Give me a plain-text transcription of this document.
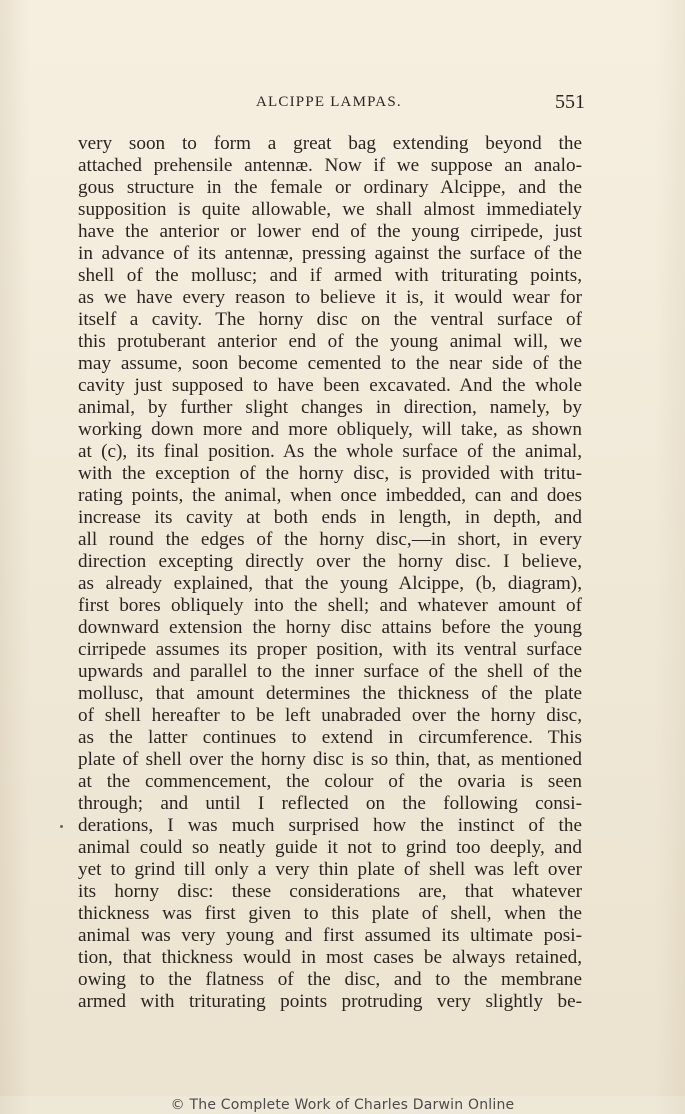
ALCIPPE LAMPAS.	551
very soon to form a great bag extending beyond the
attached prehensile antennæ. Now if we suppose an analo-
gous structure in the female or ordinary Alcippe, and the
supposition is quite allowable, we shall almost immediately
have the anterior or lower end of the young cirripede, just
in advance of its antennæ, pressing against the surface of the
shell of the mollusc; and if armed with triturating points,
as we have every reason to believe it is, it would wear for
itself a cavity. The horny disc on the ventral surface of
this protuberant anterior end of the young animal will, we
may assume, soon become cemented to the near side of the
cavity just supposed to have been excavated. And the whole
animal, by further slight changes in direction, namely, by
working down more and more obliquely, will take, as shown
at (c), its final position. As the whole surface of the animal,
with the exception of the horny disc, is provided with tritu-
rating points, the animal, when once imbedded, can and does
increase its cavity at both ends in length, in depth, and
all round the edges of the horny disc,—in short, in every
direction excepting directly over the horny disc. I believe,
as already explained, that the young Alcippe, (b, diagram),
first bores obliquely into the shell; and whatever amount of
downward extension the horny disc attains before the young
cirripede assumes its proper position, with its ventral surface
upwards and parallel to the inner surface of the shell of the
mollusc, that amount determines the thickness of the plate
of shell hereafter to be left unabraded over the horny disc,
as the latter continues to extend in circumference. This
plate of shell over the horny disc is so thin, that, as mentioned
at the commencement, the colour of the ovaria is seen
through; and until I reflected on the following consi-
derations, I was much surprised how the instinct of the
animal could so neatly guide it not to grind too deeply, and
yet to grind till only a very thin plate of shell was left over
its horny disc: these considerations are, that whatever
thickness was first given to this plate of shell, when the
animal was very young and first assumed its ultimate posi-
tion, that thickness would in most cases be always retained,
owing to the flatness of the disc, and to the membrane
armed with triturating points protruding very slightly be-
© The Complete Work of Charles Darwin Online
